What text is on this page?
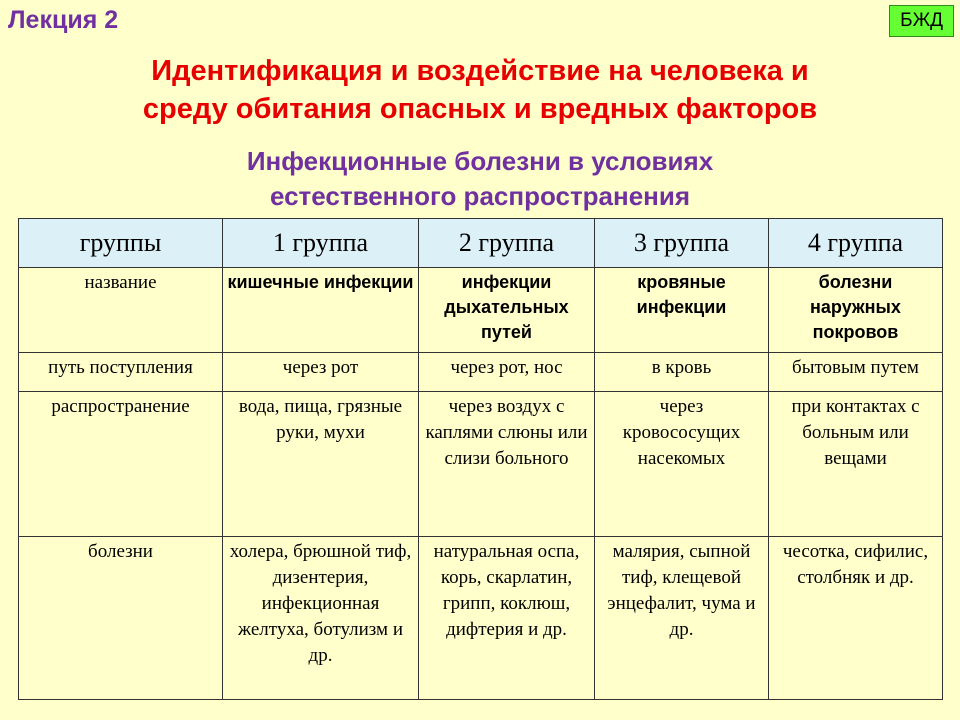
Лекция 2	БЖД
Идентификация и воздействие на человека и
среду обитания опасных и вредных факторов
Инфекционные болезни в условиях
естественного распространения
группы	1 группа	2 группа	3 группа	4 группа
название	кишечные инфекции	инфекции дыхательных путей	кровяные инфекции	болезни наружных покровов
путь поступления	через рот	через рот, нос	в кровь	бытовым путем
распространение	вода, пища, грязные руки, мухи	через воздух с каплями слюны или слизи больного	через кровососущих насекомых	при контактах с больным или вещами
болезни	холера, брюшной тиф, дизентерия, инфекционная желтуха, ботулизм и др.	натуральная оспа, корь, скарлатин, грипп, коклюш, дифтерия и др.	малярия, сыпной тиф, клещевой энцефалит, чума и др.	чесотка, сифилис, столбняк и др.
